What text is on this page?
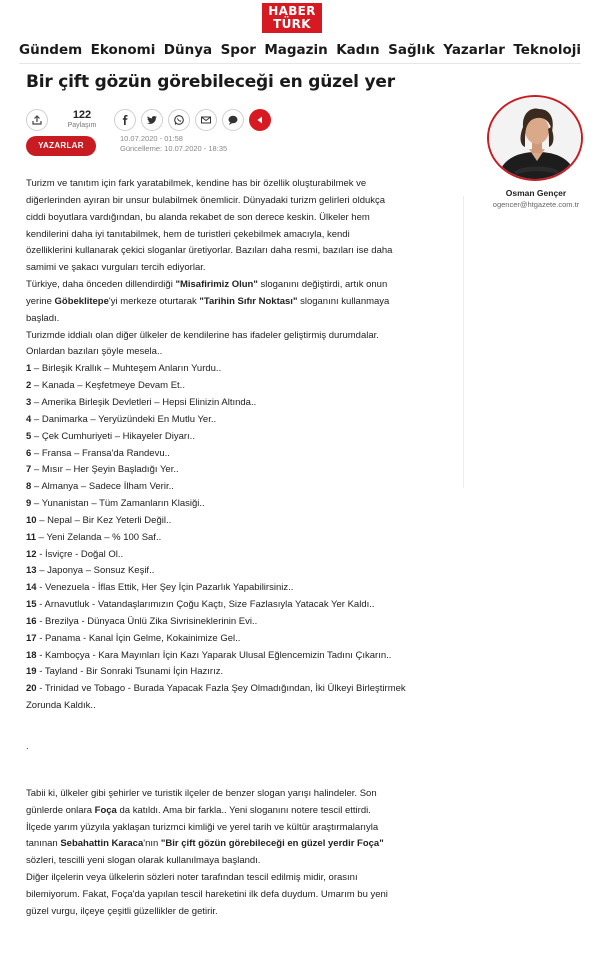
HABER
TÜRK
Gündem Ekonomi Dünya Spor Magazin Kadın Sağlık Yazarlar Teknoloji
Bir çift gözün görebileceği en güzel yer
122
Paylaşım
YAZARLAR
10.07.2020 - 01:58
Güncelleme: 10.07.2020 - 18:35
Osman Gençer
ogencer@htgazete.com.tr

Turizm ve tanıtım için fark yaratabilmek, kendine has bir özellik oluşturabilmek ve

diğerlerinden ayıran bir unsur bulabilmek önemlicir. Dünyadaki turizm gelirleri oldukça

ciddi boyutlara vardığından, bu alanda rekabet de son derece keskin. Ülkeler hem

kendilerini daha iyi tanıtabilmek, hem de turistleri çekebilmek amacıyla, kendi

özelliklerini kullanarak çekici sloganlar üretiyorlar. Bazıları daha resmi, bazıları ise daha

samimi ve şakacı vurguları tercih ediyorlar.

Türkiye, daha önceden dillendirdiği "Misafirimiz Olun" sloganını değiştirdi, artık onun

yerine Göbeklitepe'yi merkeze oturtarak "Tarihin Sıfır Noktası" sloganını kullanmaya

başladı.

Turizmde iddialı olan diğer ülkeler de kendilerine has ifadeler geliştirmiş durumdalar.

Onlardan bazıları şöyle mesela..

1 – Birleşik Krallık – Muhteşem Anların Yurdu..

2 – Kanada – Keşfetmeye Devam Et..

3 – Amerika Birleşik Devletleri – Hepsi Elinizin Altında..

4 – Danimarka – Yeryüzündeki En Mutlu Yer..

5 – Çek Cumhuriyeti – Hikayeler Diyarı..

6 – Fransa – Fransa'da Randevu..

7 – Mısır – Her Şeyin Başladığı Yer..

8 – Almanya – Sadece İlham Verir..

9 – Yunanistan – Tüm Zamanların Klasiği..

10 – Nepal – Bir Kez Yeterli Değil..

11 – Yeni Zelanda – % 100 Saf..

12 - İsviçre - Doğal Ol..

13 – Japonya – Sonsuz Keşif..

14 - Venezuela - İflas Ettik, Her Şey İçin Pazarlık Yapabilirsiniz..

15 - Arnavutluk - Vatandaşlarımızın Çoğu Kaçtı, Size Fazlasıyla Yatacak Yer Kaldı..

16 - Brezilya - Dünyaca Ünlü Zika Sivrisineklerinin Evi..

17 - Panama - Kanal İçin Gelme, Kokainimize Gel..

18 - Kamboçya - Kara Mayınları İçin Kazı Yaparak Ulusal Eğlencemizin Tadını Çıkarın..

19 - Tayland - Bir Sonraki Tsunami İçin Hazırız.

20 - Trinidad ve Tobago - Burada Yapacak Fazla Şey Olmadığından, İki Ülkeyi Birleştirmek

Zorunda Kaldık..

.

Tabii ki, ülkeler gibi şehirler ve turistik ilçeler de benzer slogan yarışı halindeler. Son

günlerde onlara Foça da katıldı. Ama bir farkla.. Yeni sloganını notere tescil ettirdi.

İlçede yarım yüzyıla yaklaşan turizmci kimliği ve yerel tarih ve kültür araştırmalarıyla

tanınan Sebahattin Karaca'nın "Bir çift gözün görebileceği en güzel yerdir Foça"

sözleri, tescilli yeni slogan olarak kullanılmaya başlandı.

Diğer ilçelerin veya ülkelerin sözleri noter tarafından tescil edilmiş midir, orasını

bilemiyorum. Fakat, Foça'da yapılan tescil hareketini ilk defa duydum. Umarım bu yeni

güzel vurgu, ilçeye çeşitli güzellikler de getirir.
